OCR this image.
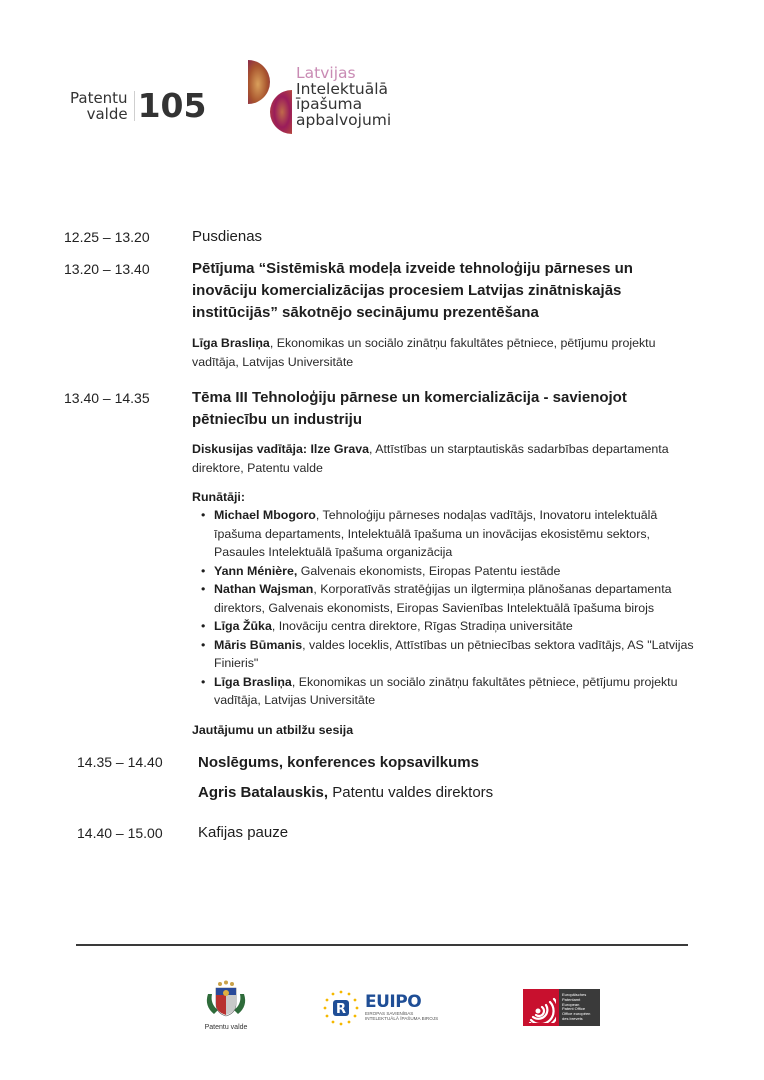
Patentu
valde 105
Latvijas
Intelektuālā
īpašuma
apbalvojumi
12.25 – 13.20	Pusdienas
13.20 – 13.40	Pētījuma “Sistēmiskā modeļa izveide tehnoloģiju pārneses un inovāciju komercializācijas procesiem Latvijas zinātniskajās institūcijās” sākotnējo secinājumu prezentēšana
Līga Brasliņa, Ekonomikas un sociālo zinātņu fakultātes pētniece, pētījumu projektu vadītāja, Latvijas Universitāte
13.40 – 14.35	Tēma III Tehnoloģiju pārnese un komercializācija - savienojot pētniecību un industriju
Diskusijas vadītāja: Ilze Grava, Attīstības un starptautiskās sadarbības departamenta direktore, Patentu valde
Runātāji:
• Michael Mbogoro, Tehnoloģiju pārneses nodaļas vadītājs, Inovatoru intelektuālā īpašuma departaments, Intelektuālā īpašuma un inovācijas ekosistēmu sektors, Pasaules Intelektuālā īpašuma organizācija
• Yann Ménière, Galvenais ekonomists, Eiropas Patentu iestāde
• Nathan Wajsman, Korporatīvās stratēģijas un ilgtermiņa plānošanas departamenta direktors, Galvenais ekonomists, Eiropas Savienības Intelektuālā īpašuma birojs
• Līga Žūka, Inovāciju centra direktore, Rīgas Stradiņa universitāte
• Māris Būmanis, valdes loceklis, Attīstības un pētniecības sektora vadītājs, AS "Latvijas Finieris"
• Līga Brasliņa, Ekonomikas un sociālo zinātņu fakultātes pētniece, pētījumu projektu vadītāja, Latvijas Universitāte
Jautājumu un atbilžu sesija
14.35 – 14.40 Noslēgums, konferences kopsavilkums
Agris Batalauskis, Patentu valdes direktors
14.40 – 15.00 Kafijas pauze
Patentu valde
R EUIPO
EIROPAS SAVIENĪBAS
INTELEKTUĀLĀ ĪPAŠUMA BIROJS
Europäisches
Patentamt
European
Patent Office
Office européen
des brevets
